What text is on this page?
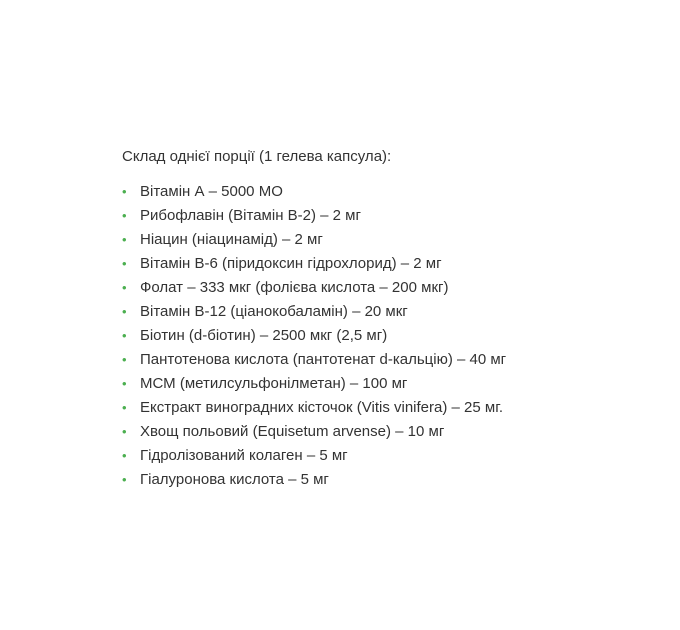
Склад однієї порції (1 гелева капсула):

• Вітамін А – 5000 МО
• Рибофлавін (Вітамін В-2) – 2 мг
• Ніацин (ніацинамід) – 2 мг
• Вітамін В-6 (піридоксин гідрохлорид) – 2 мг
• Фолат – 333 мкг (фолієва кислота – 200 мкг)
• Вітамін В-12 (ціанокобаламін) – 20 мкг
• Біотин (d-біотин) – 2500 мкг (2,5 мг)
• Пантотенова кислота (пантотенат d-кальцію) – 40 мг
• МСМ (метилсульфонілметан) – 100 мг
• Екстракт виноградних кісточок (Vitis vinifera) – 25 мг.
• Хвощ польовий (Equisetum arvense) – 10 мг
• Гідролізований колаген – 5 мг
• Гіалуронова кислота – 5 мг
